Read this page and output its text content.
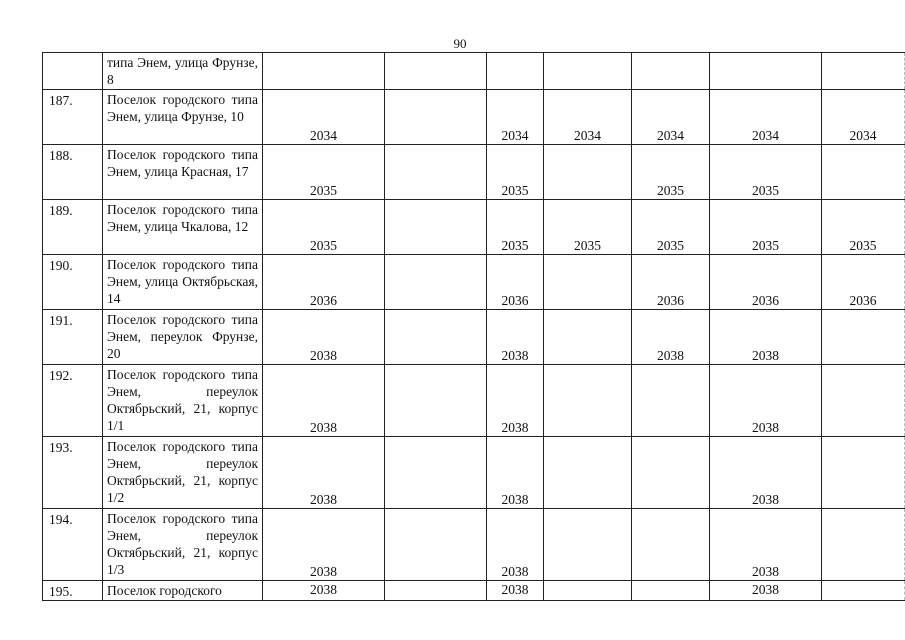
90
	типа Энем, улица Фрунзе, 8							
187.	Поселок городского типа Энем, улица Фрунзе, 10	2034		2034	2034	2034	2034	2034
188.	Поселок городского типа Энем, улица Красная, 17	2035		2035		2035	2035	
189.	Поселок городского типа Энем, улица Чкалова, 12	2035		2035	2035	2035	2035	2035
190.	Поселок городского типа Энем, улица Октябрьская, 14	2036		2036		2036	2036	2036
191.	Поселок городского типа Энем, переулок Фрунзе, 20	2038		2038		2038	2038	
192.	Поселок городского типа Энем, переулок Октябрьский, 21, корпус 1/1	2038		2038			2038	
193.	Поселок городского типа Энем, переулок Октябрьский, 21, корпус 1/2	2038		2038			2038	
194.	Поселок городского типа Энем, переулок Октябрьский, 21, корпус 1/3	2038		2038			2038	
195.	Поселок городского	2038		2038			2038	
